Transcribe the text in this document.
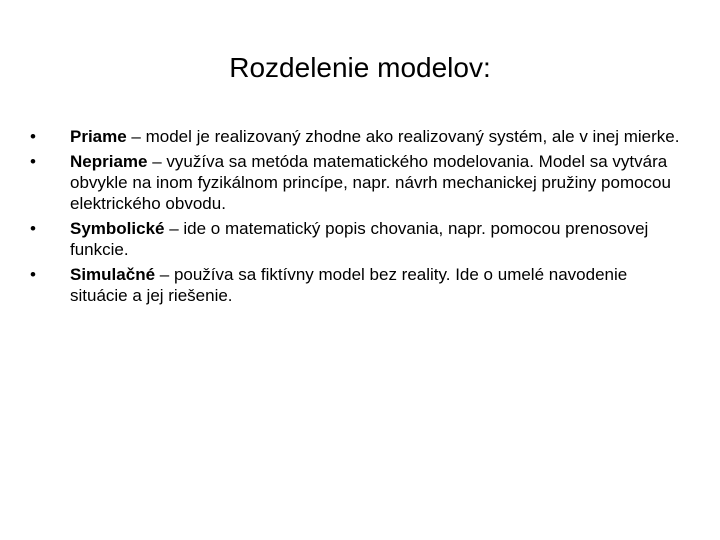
Rozdelenie modelov:
•	Priame – model je realizovaný zhodne ako realizovaný systém, ale v inej mierke.
•	Nepriame – využíva sa metóda matematického modelovania. Model sa vytvára obvykle na inom fyzikálnom princípe, napr. návrh mechanickej pružiny pomocou elektrického obvodu.
•	Symbolické – ide o matematický popis chovania, napr. pomocou prenosovej funkcie.
•	Simulačné – používa sa fiktívny model bez reality. Ide o umelé navodenie situácie a jej riešenie.
